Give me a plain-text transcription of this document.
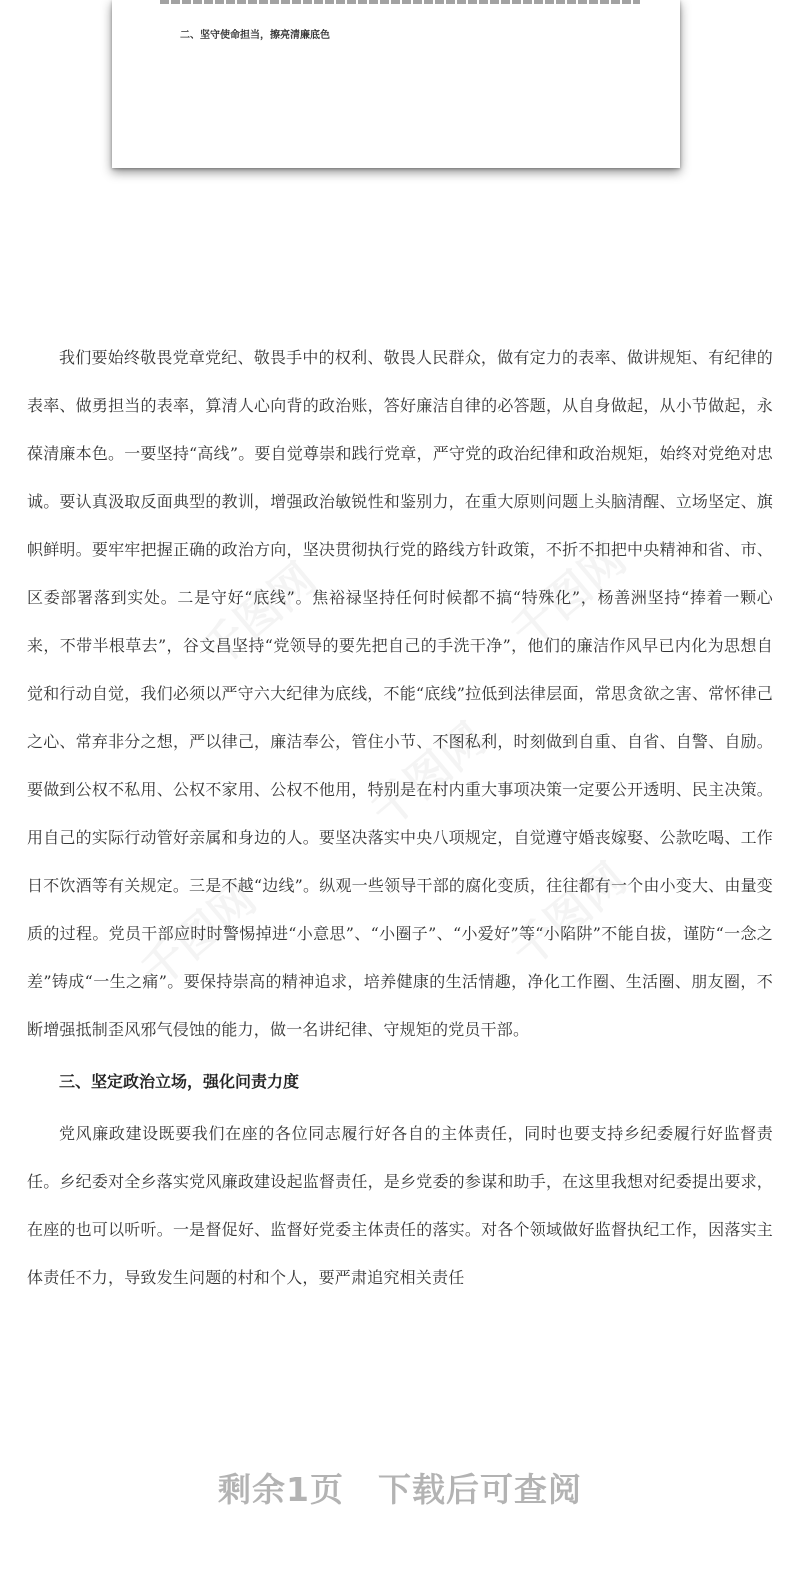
二、坚守使命担当，擦亮清廉底色
千图网
千图网
千图网
千图网	千图网

我们要始终敬畏党章党纪、敬畏手中的权利、敬畏人民群众，做有定力的表率、做讲规矩、有纪律的表率、做勇担当的表率，算清人心向背的政治账，答好廉洁自律的必答题，从自身做起，从小节做起，永葆清廉本色。一要坚持“高线”。要自觉尊崇和践行党章，严守党的政治纪律和政治规矩，始终对党绝对忠诚。要认真汲取反面典型的教训，增强政治敏锐性和鉴别力，在重大原则问题上头脑清醒、立场坚定、旗帜鲜明。要牢牢把握正确的政治方向，坚决贯彻执行党的路线方针政策，不折不扣把中央精神和省、市、区委部署落到实处。二是守好“底线”。焦裕禄坚持任何时候都不搞“特殊化”，杨善洲坚持“捧着一颗心来，不带半根草去”，谷文昌坚持“党领导的要先把自己的手洗干净”，他们的廉洁作风早已内化为思想自觉和行动自觉，我们必须以严守六大纪律为底线，不能“底线”拉低到法律层面，常思贪欲之害、常怀律己之心、常弃非分之想，严以律己，廉洁奉公，管住小节、不图私利，时刻做到自重、自省、自警、自励。要做到公权不私用、公权不家用、公权不他用，特别是在村内重大事项决策一定要公开透明、民主决策。用自己的实际行动管好亲属和身边的人。要坚决落实中央八项规定，自觉遵守婚丧嫁娶、公款吃喝、工作日不饮酒等有关规定。三是不越“边线”。纵观一些领导干部的腐化变质，往往都有一个由小变大、由量变质的过程。党员干部应时时警惕掉进“小意思”、“小圈子”、“小爱好”等“小陷阱”不能自拔，谨防“一念之差”铸成“一生之痛”。要保持崇高的精神追求，培养健康的生活情趣，净化工作圈、生活圈、朋友圈，不断增强抵制歪风邪气侵蚀的能力，做一名讲纪律、守规矩的党员干部。

三、坚定政治立场，强化问责力度

党风廉政建设既要我们在座的各位同志履行好各自的主体责任，同时也要支持乡纪委履行好监督责任。乡纪委对全乡落实党风廉政建设起监督责任，是乡党委的参谋和助手，在这里我想对纪委提出要求，在座的也可以听听。一是督促好、监督好党委主体责任的落实。对各个领域做好监督执纪工作，因落实主体责任不力，导致发生问题的村和个人，要严肃追究相关责任

剩余1页　下载后可查阅
